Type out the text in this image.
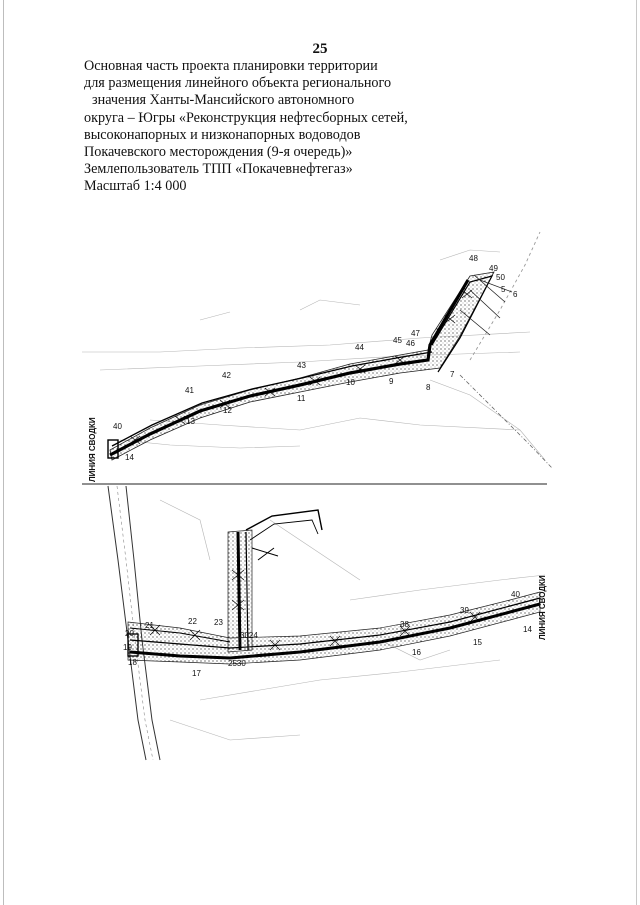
25
Основная часть проекта планировки территории
для размещения линейного объекта регионального
значения Ханты-Мансийского автономного
округа – Югры «Реконструкция нефтесборных сетей,
высоконапорных и низконапорных водоводов
Покачевского месторождения (9-я очередь)»
Землепользователь ТПП «Покачевнефтегаз»
Масштаб 1:4 000
48
49
50
5
6
47
46
45
44
43
42
41
40
8
7
9
10
11
12
13
14
ЛИНИЯ СВОДКИ
40
39
38
16
15
14
21	22 23
20
19
18
17
2530
3024	ЛИНИЯ СВОДКИ
